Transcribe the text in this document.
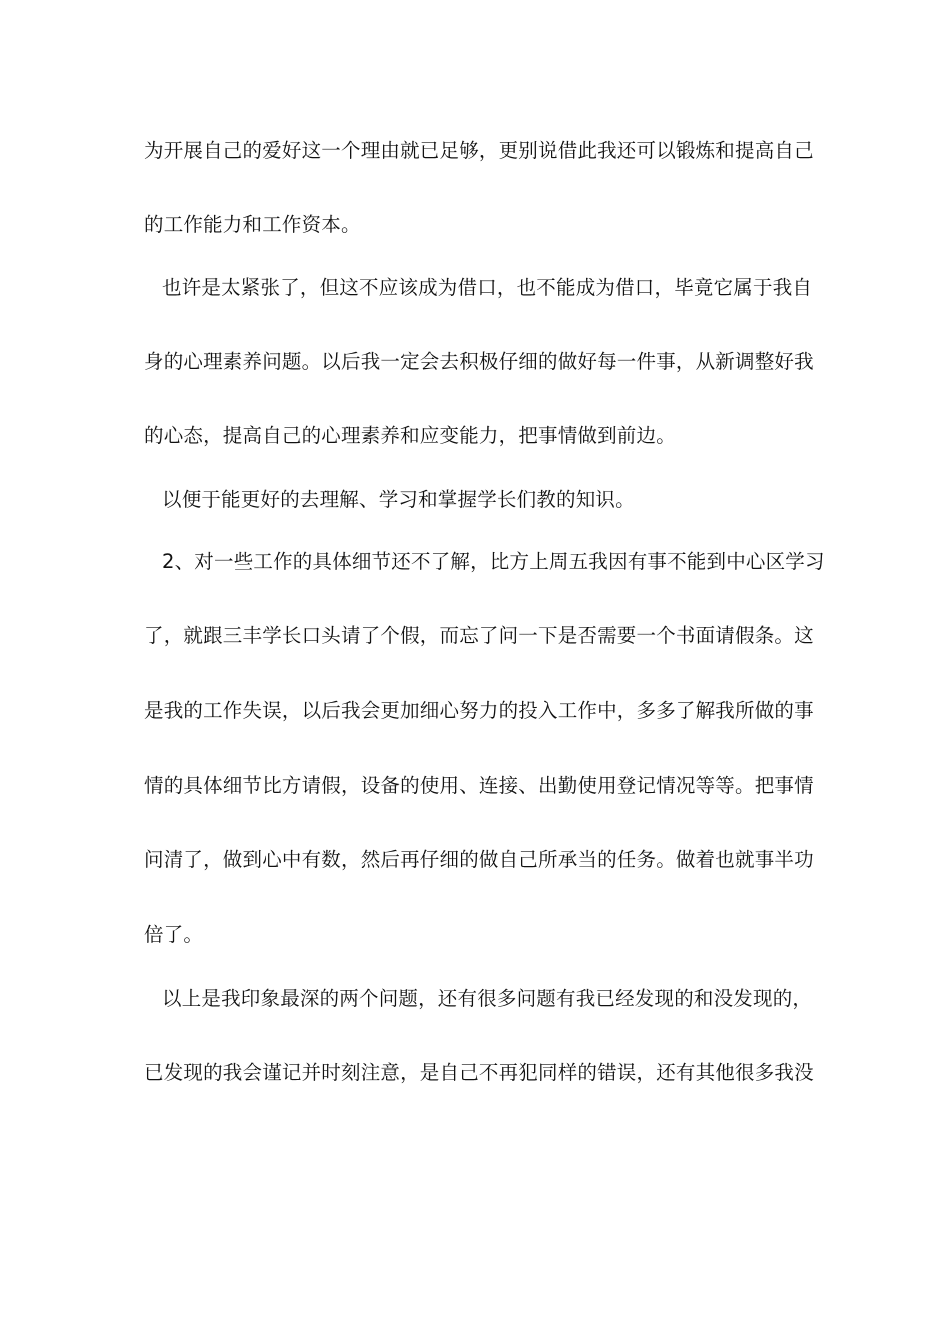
为开展自己的爱好这一个理由就已足够，更别说借此我还可以锻炼和提高自己
的工作能力和工作资本。
也许是太紧张了，但这不应该成为借口，也不能成为借口，毕竟它属于我自
身的心理素养问题。以后我一定会去积极仔细的做好每一件事，从新调整好我
的心态，提高自己的心理素养和应变能力，把事情做到前边。
以便于能更好的去理解、学习和掌握学长们教的知识。
2、对一些工作的具体细节还不了解，比方上周五我因有事不能到中心区学习
了，就跟三丰学长口头请了个假，而忘了问一下是否需要一个书面请假条。这
是我的工作失误，以后我会更加细心努力的投入工作中，多多了解我所做的事
情的具体细节比方请假，设备的使用、连接、出勤使用登记情况等等。把事情
问清了，做到心中有数，然后再仔细的做自己所承当的任务。做着也就事半功
倍了。
以上是我印象最深的两个问题，还有很多问题有我已经发现的和没发现的，
已发现的我会谨记并时刻注意，是自己不再犯同样的错误，还有其他很多我没
